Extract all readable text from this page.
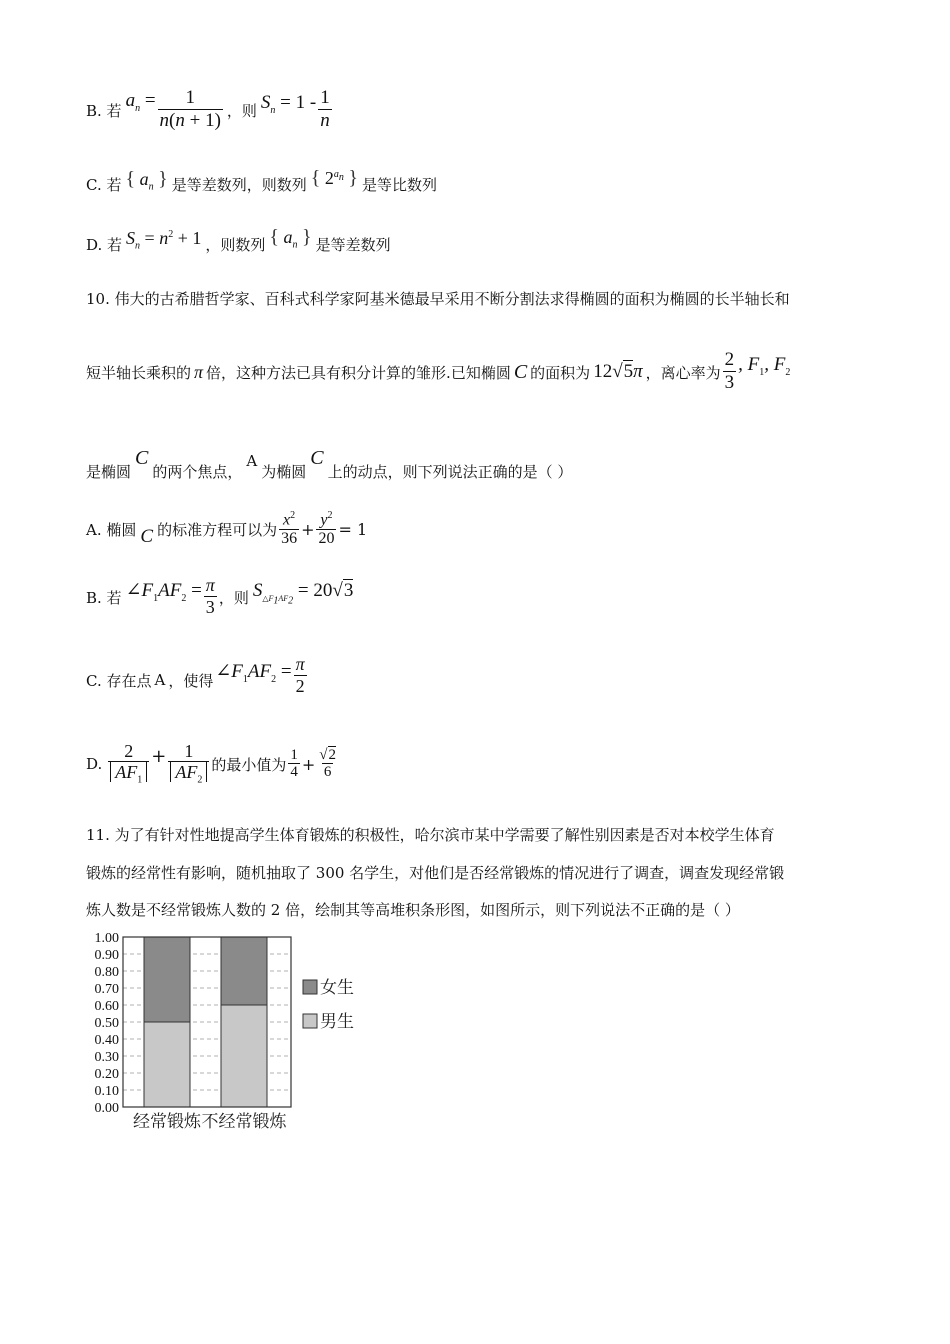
B. 若 $a_n = \frac{1}{n(n + 1)}$ ，则 $S_n = 1 - \frac{1}{n}$
C. 若 { $a_n$ } 是等差数列，则数列 { $2^{a_n}$ } 是等比数列
D. 若 $S_n = n^2 + 1$ ，则数列 { $a_n$ } 是等差数列
10. 伟大的古希腊哲学家、百科式科学家阿基米德最早采用不断分割法求得椭圆的面积为椭圆的长半轴长和
短半轴长乘积的 π 倍，这种方法已具有积分计算的雏形.已知椭圆 C 的面积为 12√5π ，离心率为 $\frac{2}{3}$ , $F_1$, $F_2$
是椭圆
C
的两个焦点，
A
为椭圆
C
上的动点，则下列说法正确的是（ ）
A. 椭圆 C 的标准方程可以为 $\frac{x^2}{36} + \frac{y^2}{20} = 1$
B. 若 $\angle F_1AF_2 = \frac{\pi}{3}$ ，则 $S_{\triangle F_1AF_2} = 20√3$
C. 存在点 A ，使得 $\angle F_1AF_2 = \frac{\pi}{2}$
D. $\frac{2}{AF_1} + \frac{1}{AF_2}$ 的最小值为 $\frac{1}{4} + \frac{√2}{6}$
11. 为了有针对性地提高学生体育锻炼的积极性，哈尔滨市某中学需要了解性别因素是否对本校学生体育
锻炼的经常性有影响，随机抽取了 300 名学生，对他们是否经常锻炼的情况进行了调查，调查发现经常锻
炼人数是不经常锻炼人数的 2 倍，绘制其等高堆积条形图，如图所示，则下列说法不正确的是（ ）
0.00
0.10
0.20
0.30
0.40
0.50
0.60
0.70
0.80
0.90
1.00
经常锻炼 不经常锻炼
女生
男生
